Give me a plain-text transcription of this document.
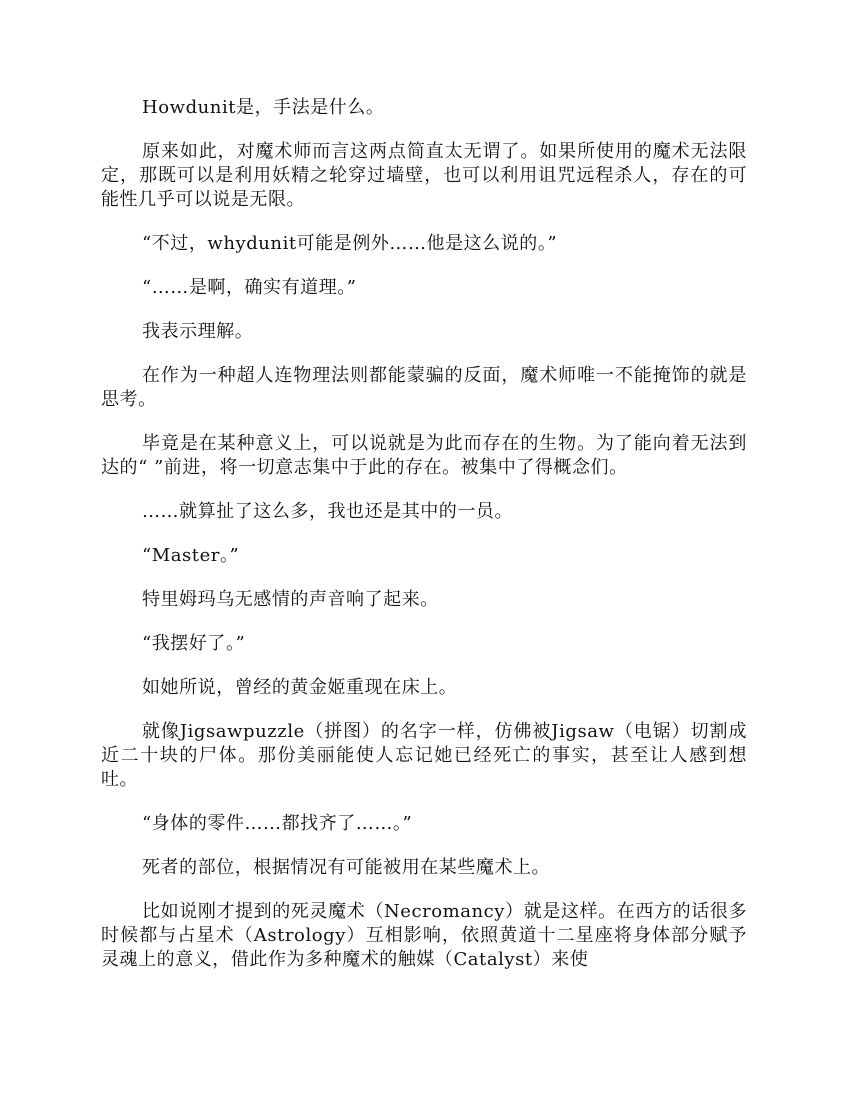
Howdunit是，手法是什么。

原来如此，对魔术师而言这两点简直太无谓了。如果所使用的魔术无法限定，那既可以是利用妖精之轮穿过墙壁，也可以利用诅咒远程杀人，存在的可能性几乎可以说是无限。

“不过，whydunit可能是例外……他是这么说的。”

“……是啊，确实有道理。”

我表示理解。

在作为一种超人连物理法则都能蒙骗的反面，魔术师唯一不能掩饰的就是思考。

毕竟是在某种意义上，可以说就是为此而存在的生物。为了能向着无法到达的“ ”前进，将一切意志集中于此的存在。被集中了得概念们。

……就算扯了这么多，我也还是其中的一员。

“Master。”

特里姆玛乌无感情的声音响了起来。

“我摆好了。”

如她所说，曾经的黄金姬重现在床上。

就像Jigsawpuzzle（拼图）的名字一样，仿佛被Jigsaw（电锯）切割成近二十块的尸体。那份美丽能使人忘记她已经死亡的事实，甚至让人感到想吐。

“身体的零件……都找齐了……。”

死者的部位，根据情况有可能被用在某些魔术上。

比如说刚才提到的死灵魔术（Necromancy）就是这样。在西方的话很多时候都与占星术（Astrology）互相影响，依照黄道十二星座将身体部分赋予灵魂上的意义，借此作为多种魔术的触媒（Catalyst）来使
